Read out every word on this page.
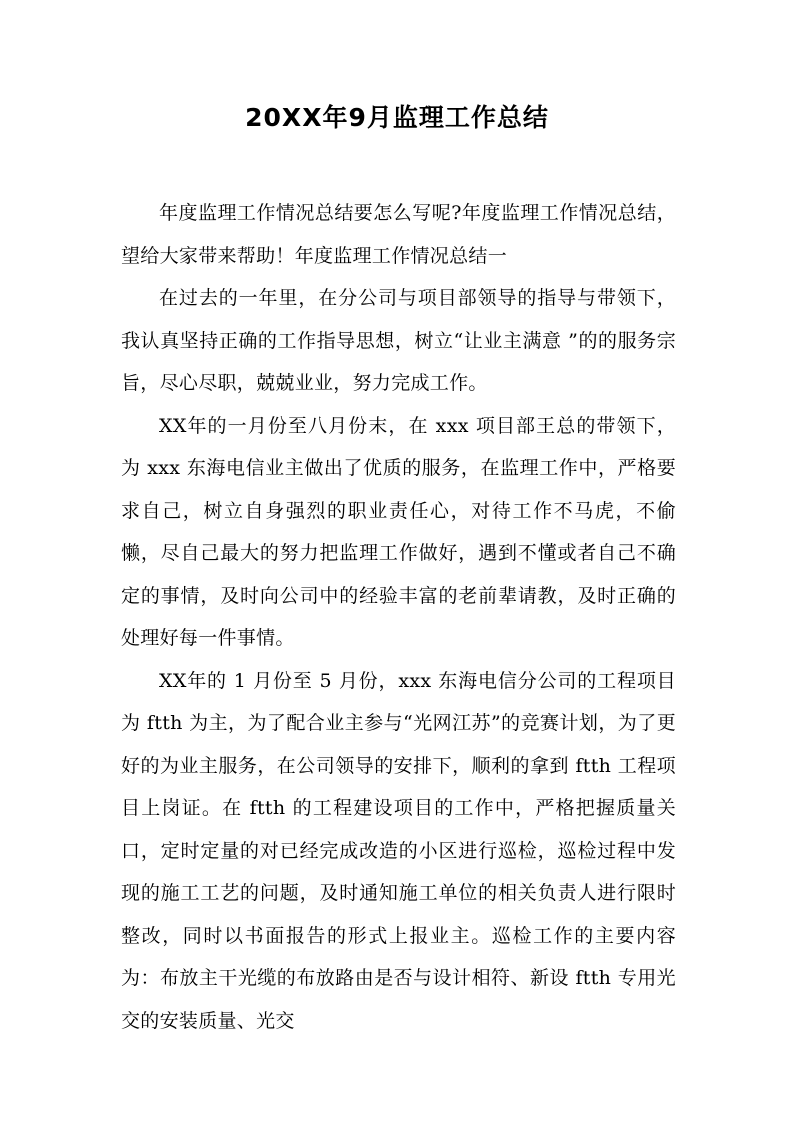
20XX年9月监理工作总结

年度监理工作情况总结要怎么写呢?年度监理工作情况总结，望给大家带来帮助！年度监理工作情况总结一

在过去的一年里，在分公司与项目部领导的指导与带领下，我认真坚持正确的工作指导思想，树立“让业主满意 ”的的服务宗旨，尽心尽职，兢兢业业，努力完成工作。

XX年的一月份至八月份末，在 xxx 项目部王总的带领下，为 xxx 东海电信业主做出了优质的服务，在监理工作中，严格要求自己，树立自身强烈的职业责任心，对待工作不马虎，不偷懒，尽自己最大的努力把监理工作做好，遇到不懂或者自己不确定的事情，及时向公司中的经验丰富的老前辈请教，及时正确的处理好每一件事情。

XX年的 1 月份至 5 月份，xxx 东海电信分公司的工程项目为 ftth 为主，为了配合业主参与“光网江苏”的竞赛计划，为了更好的为业主服务，在公司领导的安排下，顺利的拿到 ftth 工程项目上岗证。在 ftth 的工程建设项目的工作中，严格把握质量关口，定时定量的对已经完成改造的小区进行巡检，巡检过程中发现的施工工艺的问题，及时通知施工单位的相关负责人进行限时整改，同时以书面报告的形式上报业主。巡检工作的主要内容为：布放主干光缆的布放路由是否与设计相符、新设 ftth 专用光交的安装质量、光交
